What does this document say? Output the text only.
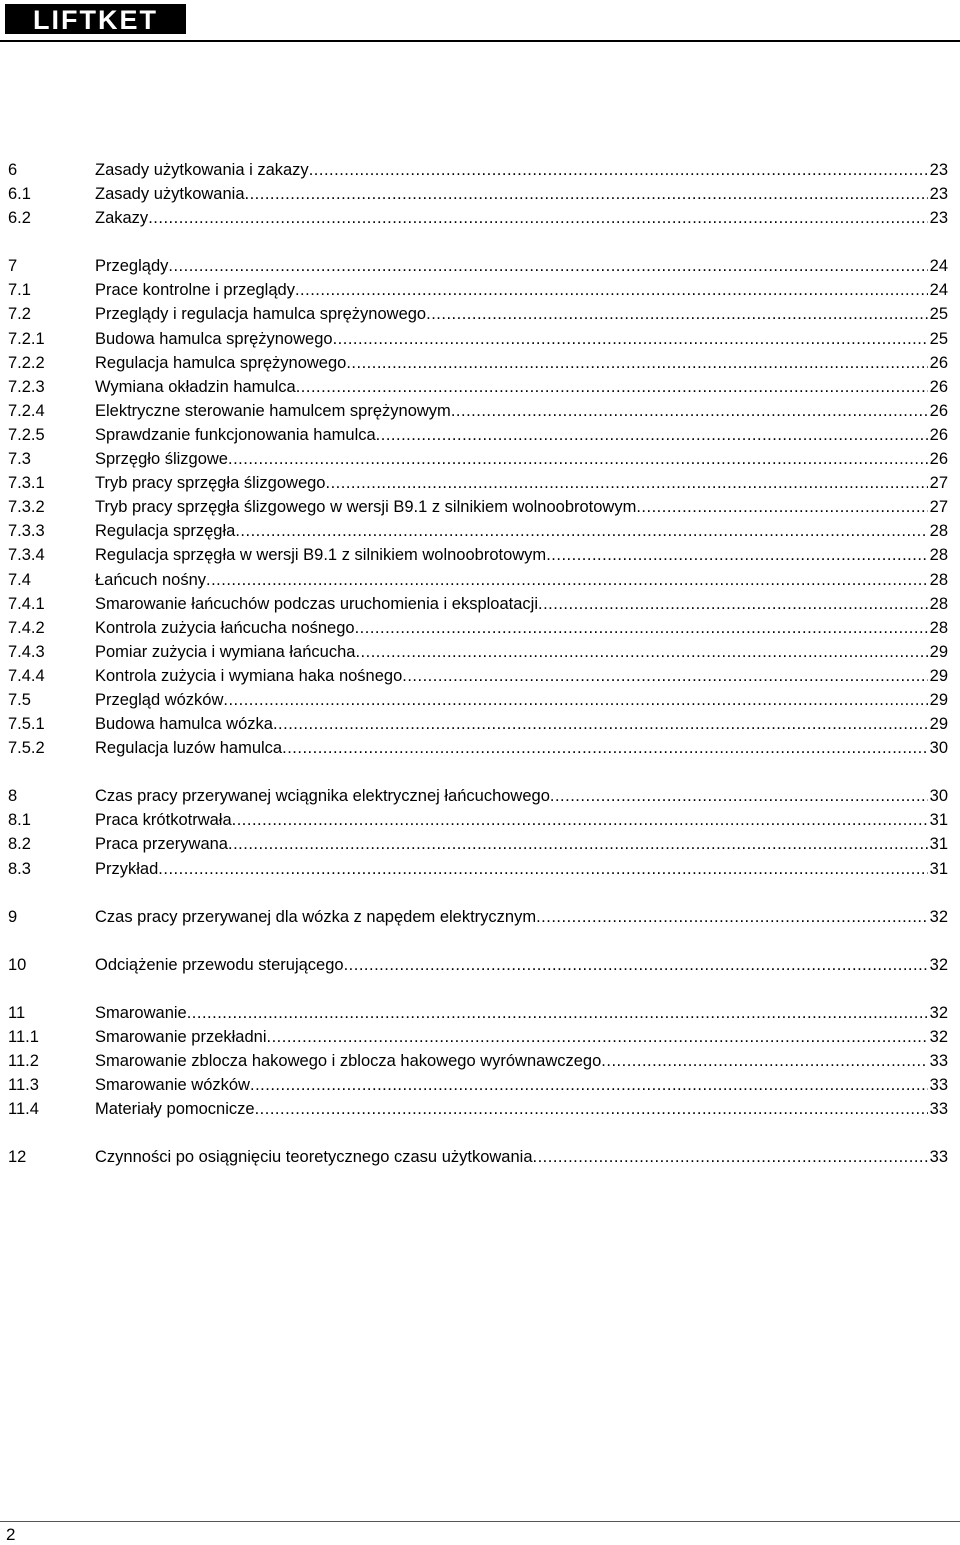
LIFTKET
6	Zasady użytkowania i zakazy .....	23
6.1	Zasady użytkowania .....	23
6.2	Zakazy .....	23
7	Przeglądy .....	24
7.1	Prace kontrolne i przeglądy .....	24
7.2	Przeglądy i regulacja hamulca sprężynowego .....	25
7.2.1	Budowa hamulca sprężynowego .....	25
7.2.2	Regulacja hamulca sprężynowego .....	26
7.2.3	Wymiana okładzin hamulca .....	26
7.2.4	Elektryczne sterowanie hamulcem sprężynowym .....	26
7.2.5	Sprawdzanie funkcjonowania hamulca .....	26
7.3	Sprzęgło ślizgowe .....	26
7.3.1	Tryb pracy sprzęgła ślizgowego .....	27
7.3.2	Tryb pracy sprzęgła ślizgowego w wersji B9.1 z silnikiem wolnoobrotowym .....	27
7.3.3	Regulacja sprzęgła .....	28
7.3.4	Regulacja sprzęgła w wersji B9.1 z silnikiem wolnoobrotowym .....	28
7.4	Łańcuch nośny .....	28
7.4.1	Smarowanie łańcuchów podczas uruchomienia i eksploatacji .....	28
7.4.2	Kontrola zużycia łańcucha nośnego .....	28
7.4.3	Pomiar zużycia i wymiana łańcucha .....	29
7.4.4	Kontrola zużycia i wymiana haka nośnego .....	29
7.5	Przegląd wózków .....	29
7.5.1	Budowa hamulca wózka .....	29
7.5.2	Regulacja luzów hamulca .....	30
8	Czas pracy przerywanej wciągnika elektrycznej łańcuchowego .....	30
8.1	Praca krótkotrwała .....	31
8.2	Praca przerywana .....	31
8.3	Przykład .....	31
9	Czas pracy przerywanej dla wózka z napędem elektrycznym .....	32
10	Odciążenie przewodu sterującego .....	32
11	Smarowanie .....	32
11.1	Smarowanie przekładni .....	32
11.2	Smarowanie zblocza hakowego i zblocza hakowego wyrównawczego .....	33
11.3	Smarowanie wózków .....	33
11.4	Materiały pomocnicze .....	33
12	Czynności po osiągnięciu teoretycznego czasu użytkowania .....	33
2
